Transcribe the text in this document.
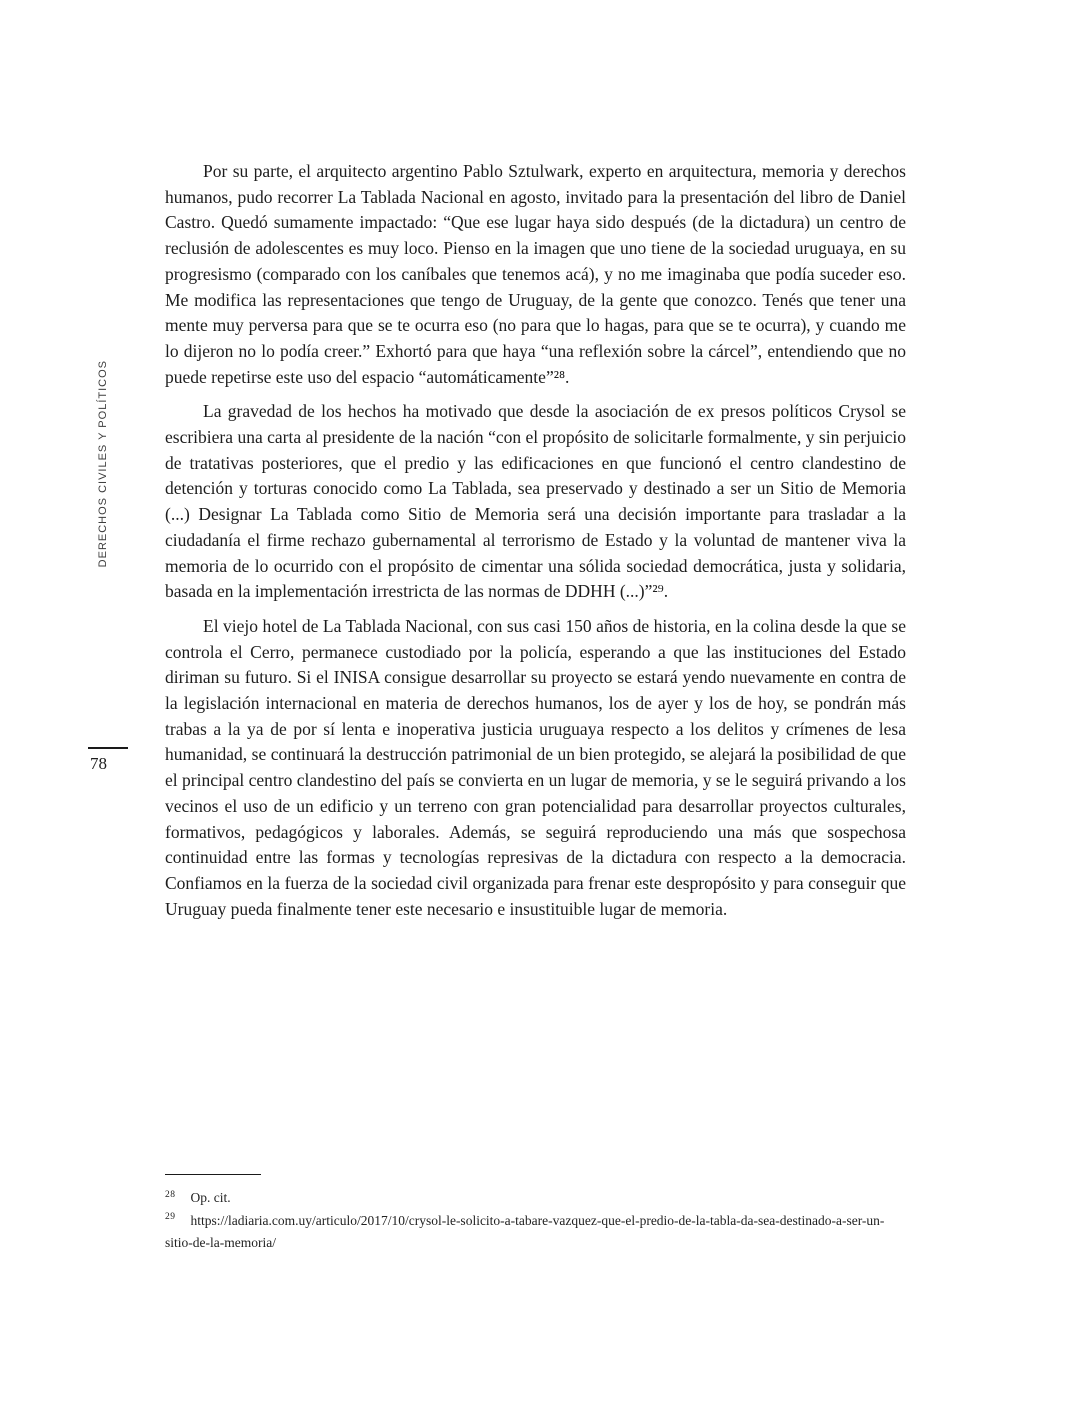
DERECHOS CIVILES Y POLÍTICOS
78

Por su parte, el arquitecto argentino Pablo Sztulwark, experto en arquitectura, memoria y derechos humanos, pudo recorrer La Tablada Nacional en agosto, invitado para la presentación del libro de Daniel Castro. Quedó sumamente impactado: “Que ese lugar haya sido después (de la dictadura) un centro de reclusión de adolescentes es muy loco. Pienso en la imagen que uno tiene de la sociedad uruguaya, en su progresismo (comparado con los caníbales que tenemos acá), y no me imaginaba que podía suceder eso. Me modifica las representaciones que tengo de Uruguay, de la gente que conozco. Tenés que tener una mente muy perversa para que se te ocurra eso (no para que lo hagas, para que se te ocurra), y cuando me lo dijeron no lo podía creer.” Exhortó para que haya “una reflexión sobre la cárcel”, entendiendo que no puede repetirse este uso del espacio “automáticamente”²⁸.

La gravedad de los hechos ha motivado que desde la asociación de ex presos políticos Crysol se escribiera una carta al presidente de la nación “con el propósito de solicitarle formalmente, y sin perjuicio de tratativas posteriores, que el predio y las edificaciones en que funcionó el centro clandestino de detención y torturas conocido como La Tablada, sea preservado y destinado a ser un Sitio de Memoria (...) Designar La Tablada como Sitio de Memoria será una decisión importante para trasladar a la ciudadanía el firme rechazo gubernamental al terrorismo de Estado y la voluntad de mantener viva la memoria de lo ocurrido con el propósito de cimentar una sólida sociedad democrática, justa y solidaria, basada en la implementación irrestricta de las normas de DDHH (...)”²⁹.

El viejo hotel de La Tablada Nacional, con sus casi 150 años de historia, en la colina desde la que se controla el Cerro, permanece custodiado por la policía, esperando a que las instituciones del Estado diriman su futuro. Si el INISA consigue desarrollar su proyecto se estará yendo nuevamente en contra de la legislación internacional en materia de derechos humanos, los de ayer y los de hoy, se pondrán más trabas a la ya de por sí lenta e inoperativa justicia uruguaya respecto a los delitos y crímenes de lesa humanidad, se continuará la destrucción patrimonial de un bien protegido, se alejará la posibilidad de que el principal centro clandestino del país se convierta en un lugar de memoria, y se le seguirá privando a los vecinos el uso de un edificio y un terreno con gran potencialidad para desarrollar proyectos culturales, formativos, pedagógicos y laborales. Además, se seguirá reproduciendo una más que sospechosa continuidad entre las formas y tecnologías represivas de la dictadura con respecto a la democracia. Confiamos en la fuerza de la sociedad civil organizada para frenar este despropósito y para conseguir que Uruguay pueda finalmente tener este necesario e insustituible lugar de memoria.

$^{28}$ Op. cit.

$^{29}$ https://ladiaria.com.uy/articulo/2017/10/crysol-le-solicito-a-tabare-vazquez-que-el-predio-de-la-tabla-da-sea-destinado-a-ser-un-sitio-de-la-memoria/
